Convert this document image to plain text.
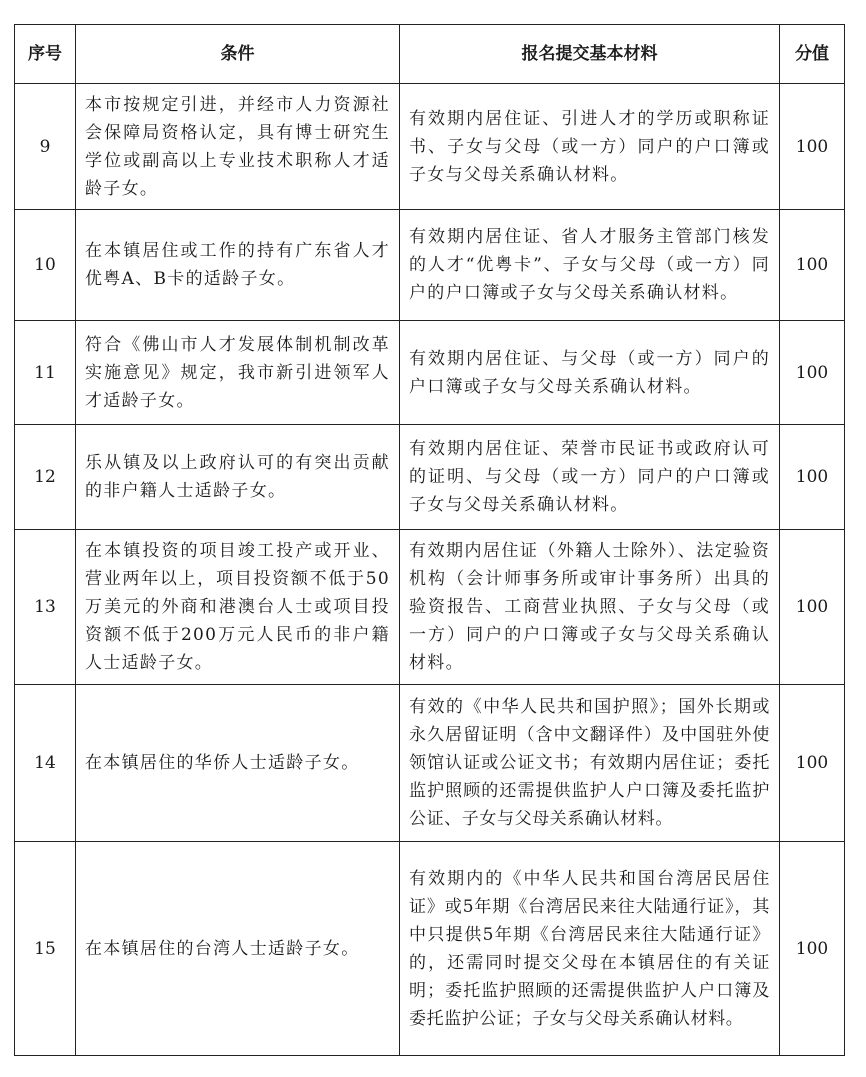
序号	条件	报名提交基本材料	分值
9	本市按规定引进，并经市人力资源社会保障局资格认定，具有博士研究生学位或副高以上专业技术职称人才适龄子女。	有效期内居住证、引进人才的学历或职称证书、子女与父母（或一方）同户的户口簿或子女与父母关系确认材料。	100
10	在本镇居住或工作的持有广东省人才优粤A、B卡的适龄子女。	有效期内居住证、省人才服务主管部门核发的人才“优粤卡”、子女与父母（或一方）同户的户口簿或子女与父母关系确认材料。	100
11	符合《佛山市人才发展体制机制改革实施意见》规定，我市新引进领军人才适龄子女。	有效期内居住证、与父母（或一方）同户的户口簿或子女与父母关系确认材料。	100
12	乐从镇及以上政府认可的有突出贡献的非户籍人士适龄子女。	有效期内居住证、荣誉市民证书或政府认可的证明、与父母（或一方）同户的户口簿或子女与父母关系确认材料。	100
13	在本镇投资的项目竣工投产或开业、营业两年以上，项目投资额不低于50万美元的外商和港澳台人士或项目投资额不低于200万元人民币的非户籍人士适龄子女。	有效期内居住证（外籍人士除外）、法定验资机构（会计师事务所或审计事务所）出具的验资报告、工商营业执照、子女与父母（或一方）同户的户口簿或子女与父母关系确认材料。	100
14	在本镇居住的华侨人士适龄子女。	有效的《中华人民共和国护照》；国外长期或永久居留证明（含中文翻译件）及中国驻外使领馆认证或公证文书；有效期内居住证；委托监护照顾的还需提供监护人户口簿及委托监护公证、子女与父母关系确认材料。	100
15	在本镇居住的台湾人士适龄子女。	有效期内的《中华人民共和国台湾居民居住证》或5年期《台湾居民来往大陆通行证》，其中只提供5年期《台湾居民来往大陆通行证》的，还需同时提交父母在本镇居住的有关证明；委托监护照顾的还需提供监护人户口簿及委托监护公证；子女与父母关系确认材料。	100
